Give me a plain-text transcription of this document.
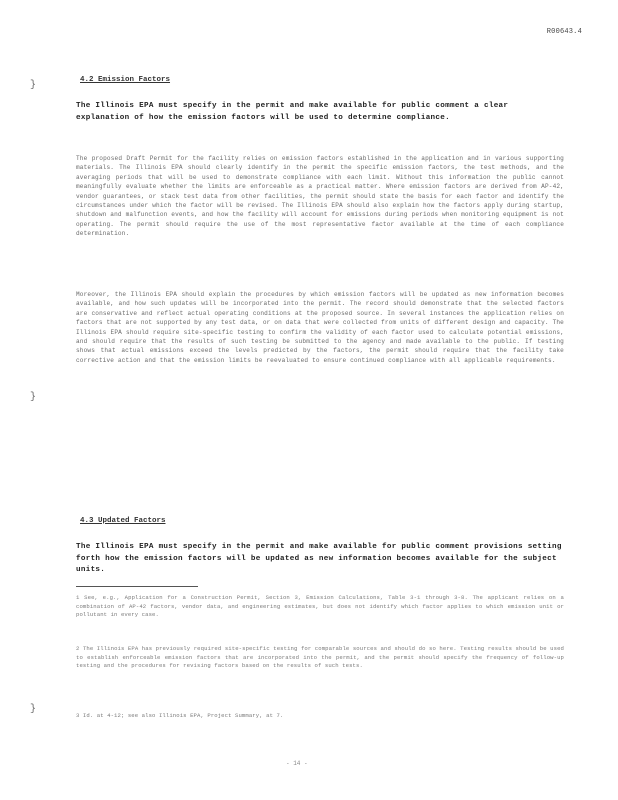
R00643.4
}
}
}
4.2 Emission Factors
The Illinois EPA must specify in the permit and make available for public comment a clear explanation of how the emission factors will be used to determine compliance.
The proposed Draft Permit for the facility relies on emission factors established in the application and in various supporting materials. The Illinois EPA should clearly identify in the permit the specific emission factors, the test methods, and the averaging periods that will be used to demonstrate compliance with each limit. Without this information the public cannot meaningfully evaluate whether the limits are enforceable as a practical matter. Where emission factors are derived from AP-42, vendor guarantees, or stack test data from other facilities, the permit should state the basis for each factor and identify the circumstances under which the factor will be revised. The Illinois EPA should also explain how the factors apply during startup, shutdown and malfunction events, and how the facility will account for emissions during periods when monitoring equipment is not operating. The permit should require the use of the most representative factor available at the time of each compliance determination.
Moreover, the Illinois EPA should explain the procedures by which emission factors will be updated as new information becomes available, and how such updates will be incorporated into the permit. The record should demonstrate that the selected factors are conservative and reflect actual operating conditions at the proposed source. In several instances the application relies on factors that are not supported by any test data, or on data that were collected from units of different design and capacity. The Illinois EPA should require site-specific testing to confirm the validity of each factor used to calculate potential emissions, and should require that the results of such testing be submitted to the agency and made available to the public. If testing shows that actual emissions exceed the levels predicted by the factors, the permit should require that the facility take corrective action and that the emission limits be reevaluated to ensure continued compliance with all applicable requirements.
4.3 Updated Factors
The Illinois EPA must specify in the permit and make available for public comment provisions setting forth how the emission factors will be updated as new information becomes available for the subject units.
1 See, e.g., Application for a Construction Permit, Section 3, Emission Calculations, Table 3-1 through 3-8. The applicant relies on a combination of AP-42 factors, vendor data, and engineering estimates, but does not identify which factor applies to which emission unit or pollutant in every case.
2 The Illinois EPA has previously required site-specific testing for comparable sources and should do so here. Testing results should be used to establish enforceable emission factors that are incorporated into the permit, and the permit should specify the frequency of follow-up testing and the procedures for revising factors based on the results of such tests.
3 Id. at 4-12; see also Illinois EPA, Project Summary, at 7.
- 14 -
